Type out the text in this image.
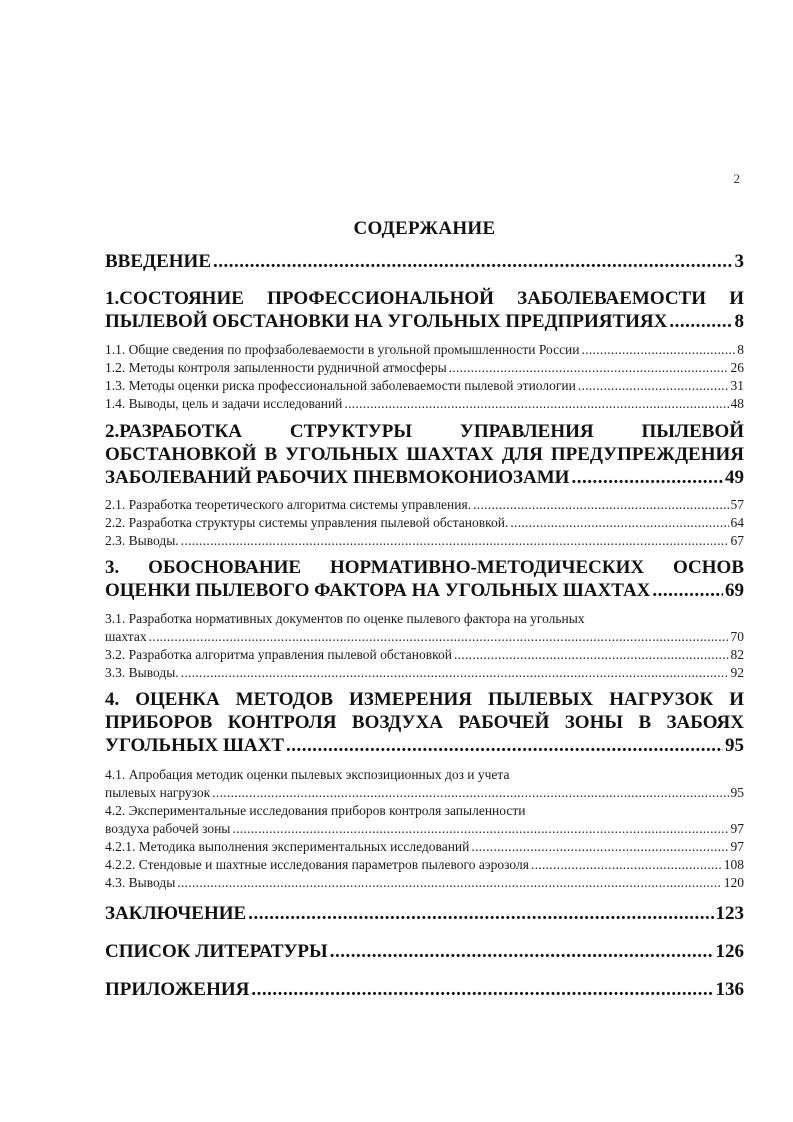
2
СОДЕРЖАНИЕ
ВВЕДЕНИЕ .....	3
1.СОСТОЯНИЕ ПРОФЕССИОНАЛЬНОЙ ЗАБОЛЕВАЕМОСТИ И
ПЫЛЕВОЙ ОБСТАНОВКИ НА УГОЛЬНЫХ ПРЕДПРИЯТИЯХ .....	8
1.1. Общие сведения по профзаболеваемости в угольной промышленности России .....	8
1.2. Методы контроля запыленности рудничной атмосферы .....	26
1.3. Методы оценки риска профессиональной заболеваемости пылевой этиологии .....	31
1.4. Выводы, цель и задачи исследований .....	48
2.РАЗРАБОТКА СТРУКТУРЫ УПРАВЛЕНИЯ ПЫЛЕВОЙ
ОБСТАНОВКОЙ В УГОЛЬНЫХ ШАХТАХ ДЛЯ ПРЕДУПРЕЖДЕНИЯ
ЗАБОЛЕВАНИЙ РАБОЧИХ ПНЕВМОКОНИОЗАМИ .....	49
2.1. Разработка теоретического алгоритма системы управления. .....	57
2.2. Разработка структуры системы управления пылевой обстановкой. .....	64
2.3. Выводы. .....	67
3. ОБОСНОВАНИЕ НОРМАТИВНО-МЕТОДИЧЕСКИХ ОСНОВ
ОЦЕНКИ ПЫЛЕВОГО ФАКТОРА НА УГОЛЬНЫХ ШАХТАХ .....	69
3.1. Разработка нормативных документов по оценке пылевого фактора на угольных
шахтах .....	70
3.2. Разработка алгоритма управления пылевой обстановкой .....	82
3.3. Выводы. .....	92
4. ОЦЕНКА МЕТОДОВ ИЗМЕРЕНИЯ ПЫЛЕВЫХ НАГРУЗОК И
ПРИБОРОВ КОНТРОЛЯ ВОЗДУХА РАБОЧЕЙ ЗОНЫ В ЗАБОЯХ
УГОЛЬНЫХ ШАХТ .....	95
4.1. Апробация методик оценки пылевых экспозиционных доз и учета
пылевых нагрузок .....	95
4.2. Экспериментальные исследования приборов контроля запыленности
воздуха рабочей зоны .....	97
4.2.1. Методика выполнения экспериментальных исследований .....	97
4.2.2. Стендовые и шахтные исследования параметров пылевого аэрозоля .....	108
4.3. Выводы .....	120
ЗАКЛЮЧЕНИЕ .....	123
СПИСОК ЛИТЕРАТУРЫ .....	126
ПРИЛОЖЕНИЯ .....	136
